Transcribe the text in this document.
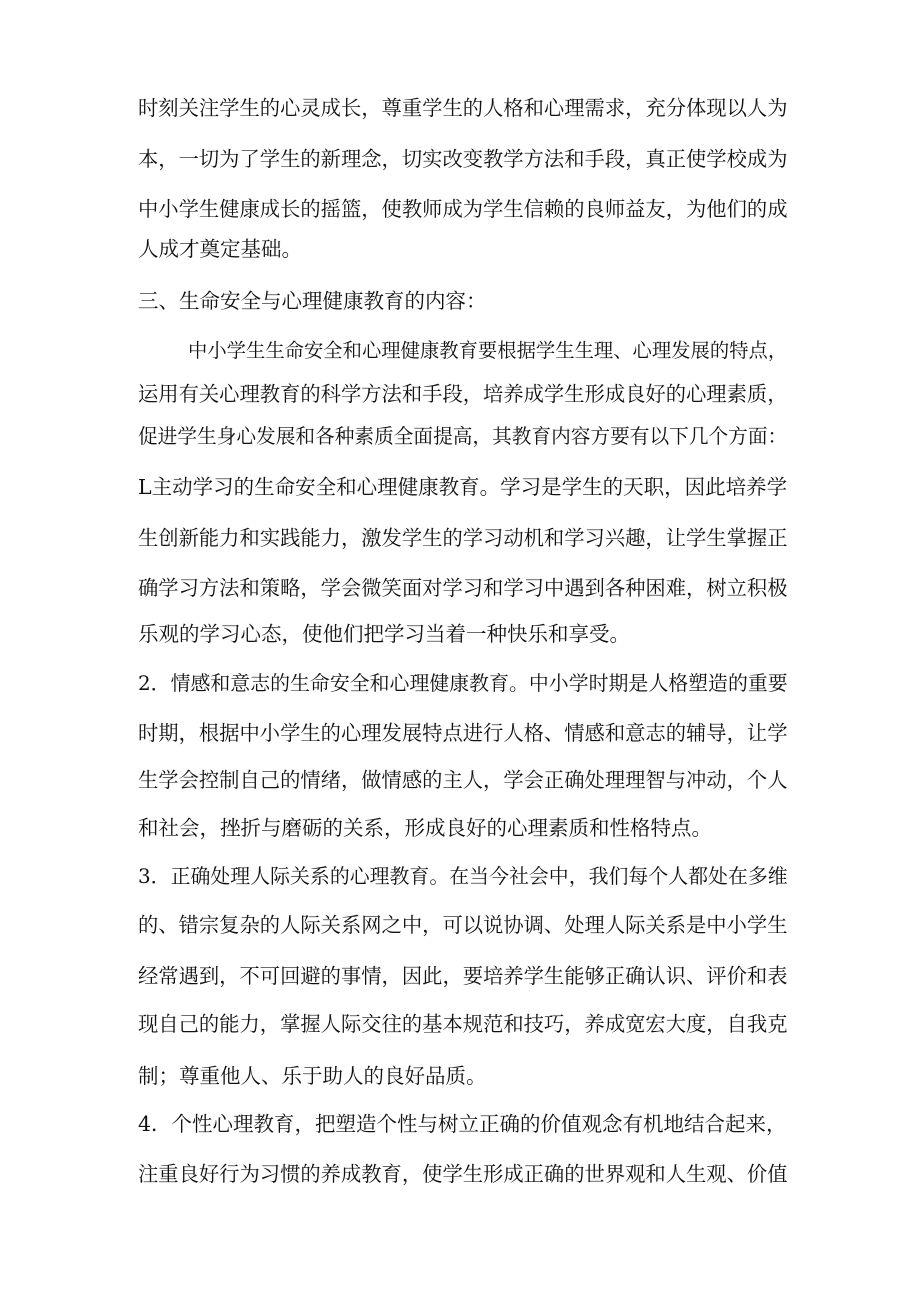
时刻关注学生的心灵成长，尊重学生的人格和心理需求，充分体现以人为
本，一切为了学生的新理念，切实改变教学方法和手段，真正使学校成为
中小学生健康成长的摇篮，使教师成为学生信赖的良师益友，为他们的成
人成才奠定基础。
三、生命安全与心理健康教育的内容：
中小学生生命安全和心理健康教育要根据学生生理、心理发展的特点，
运用有关心理教育的科学方法和手段，培养成学生形成良好的心理素质，
促进学生身心发展和各种素质全面提高，其教育内容方要有以下几个方面：
L主动学习的生命安全和心理健康教育。学习是学生的天职，因此培养学
生创新能力和实践能力，激发学生的学习动机和学习兴趣，让学生掌握正
确学习方法和策略，学会微笑面对学习和学习中遇到各种困难，树立积极
乐观的学习心态，使他们把学习当着一种快乐和享受。
2．情感和意志的生命安全和心理健康教育。中小学时期是人格塑造的重要
时期，根据中小学生的心理发展特点进行人格、情感和意志的辅导，让学
生学会控制自己的情绪，做情感的主人，学会正确处理理智与冲动，个人
和社会，挫折与磨砺的关系，形成良好的心理素质和性格特点。
3．正确处理人际关系的心理教育。在当今社会中，我们每个人都处在多维
的、错宗复杂的人际关系网之中，可以说协调、处理人际关系是中小学生
经常遇到，不可回避的事情，因此，要培养学生能够正确认识、评价和表
现自己的能力，掌握人际交往的基本规范和技巧，养成宽宏大度，自我克
制；尊重他人、乐于助人的良好品质。
4．个性心理教育，把塑造个性与树立正确的价值观念有机地结合起来，
注重良好行为习惯的养成教育，使学生形成正确的世界观和人生观、价值
